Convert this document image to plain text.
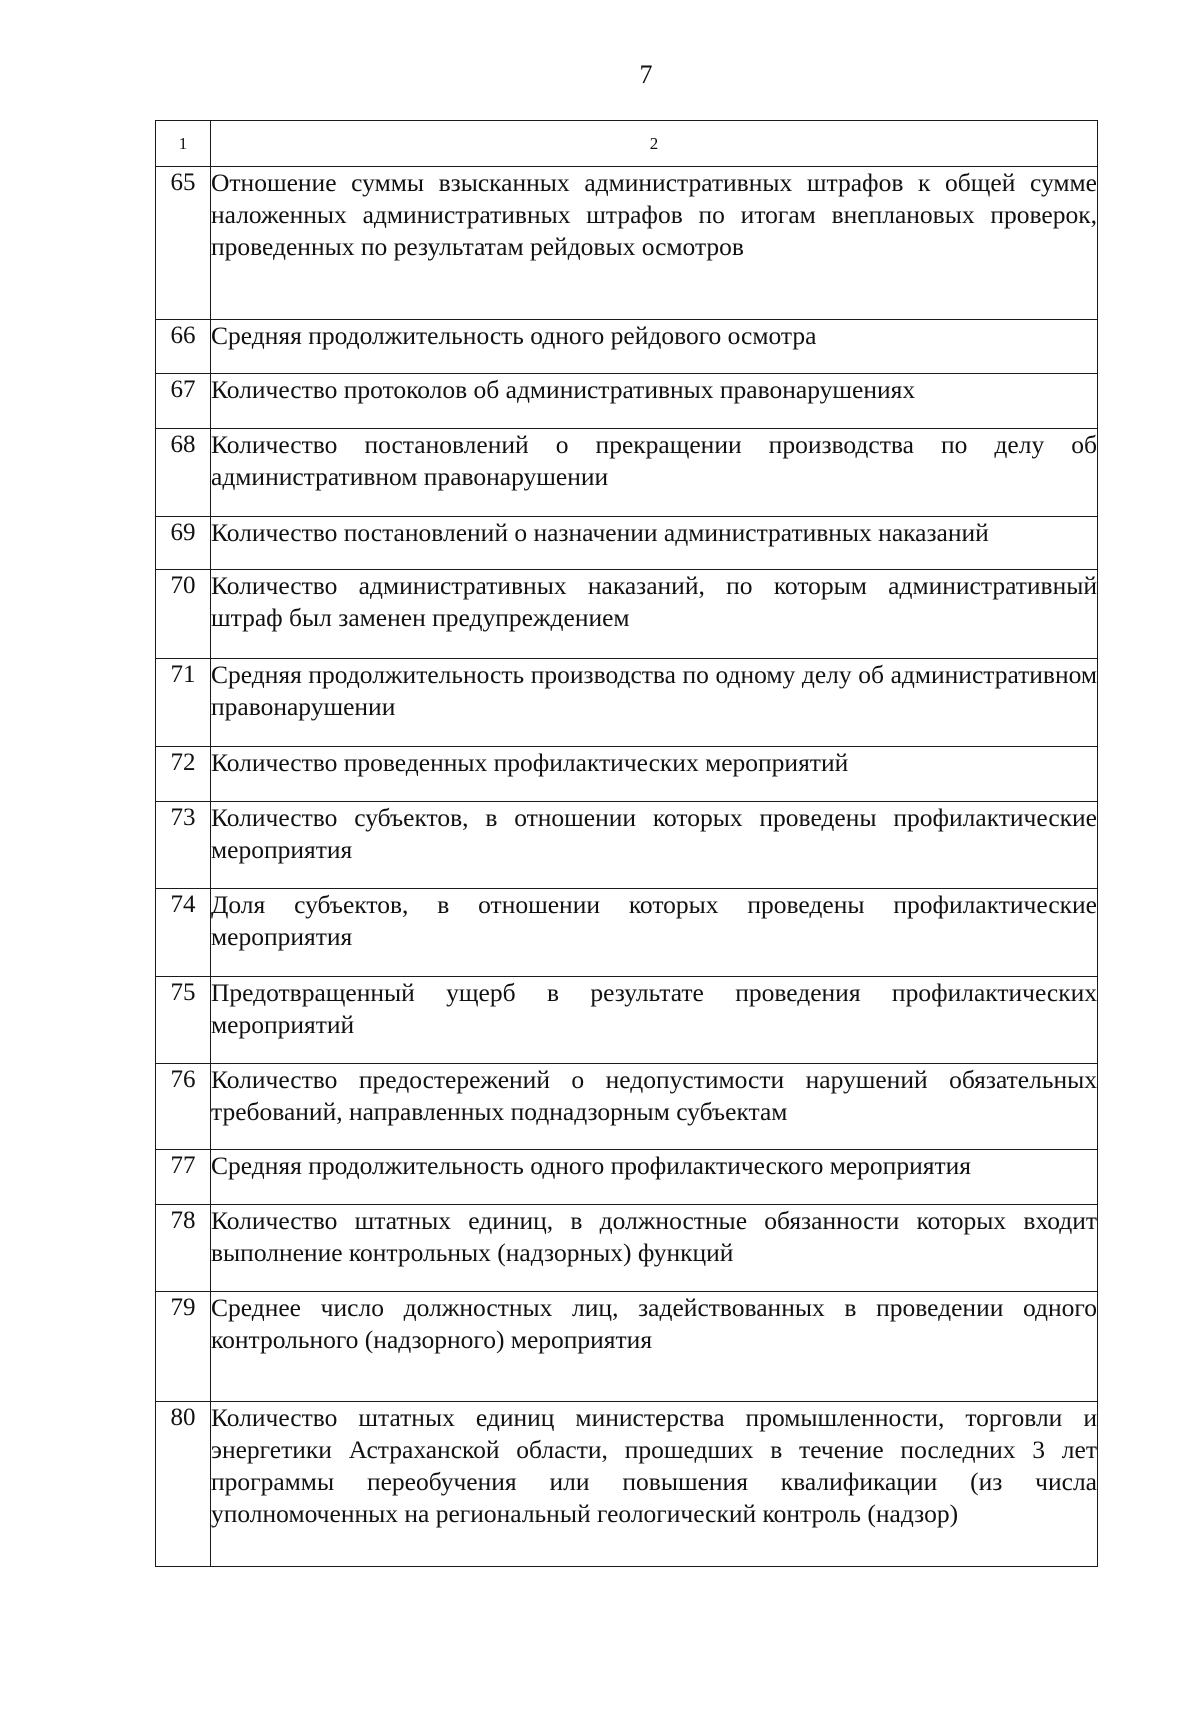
7
1	2
65	Отношение суммы взысканных административных штрафов к общей сумме наложенных административных штрафов по итогам внеплановых проверок, проведенных по результатам рейдовых осмотров
66	Средняя продолжительность одного рейдового осмотра
67	Количество протоколов об административных правонарушениях
68	Количество постановлений о прекращении производства по делу об административном правонарушении
69	Количество постановлений о назначении административных наказаний
70	Количество административных наказаний, по которым административный штраф был заменен предупреждением
71	Средняя продолжительность производства по одному делу об административном правонарушении
72	Количество проведенных профилактических мероприятий
73	Количество субъектов, в отношении которых проведены профилактические мероприятия
74	Доля субъектов, в отношении которых проведены профилактические мероприятия
75	Предотвращенный ущерб в результате проведения профилактических мероприятий
76	Количество предостережений о недопустимости нарушений обязательных требований, направленных поднадзорным субъектам
77	Средняя продолжительность одного профилактического мероприятия
78	Количество штатных единиц, в должностные обязанности которых входит выполнение контрольных (надзорных) функций
79	Среднее число должностных лиц, задействованных в проведении одного контрольного (надзорного) мероприятия
80	Количество штатных единиц министерства промышленности, торговли и энергетики Астраханской области, прошедших в течение последних 3 лет программы переобучения или повышения квалификации (из числа уполномоченных на региональный геологический контроль (надзор)
